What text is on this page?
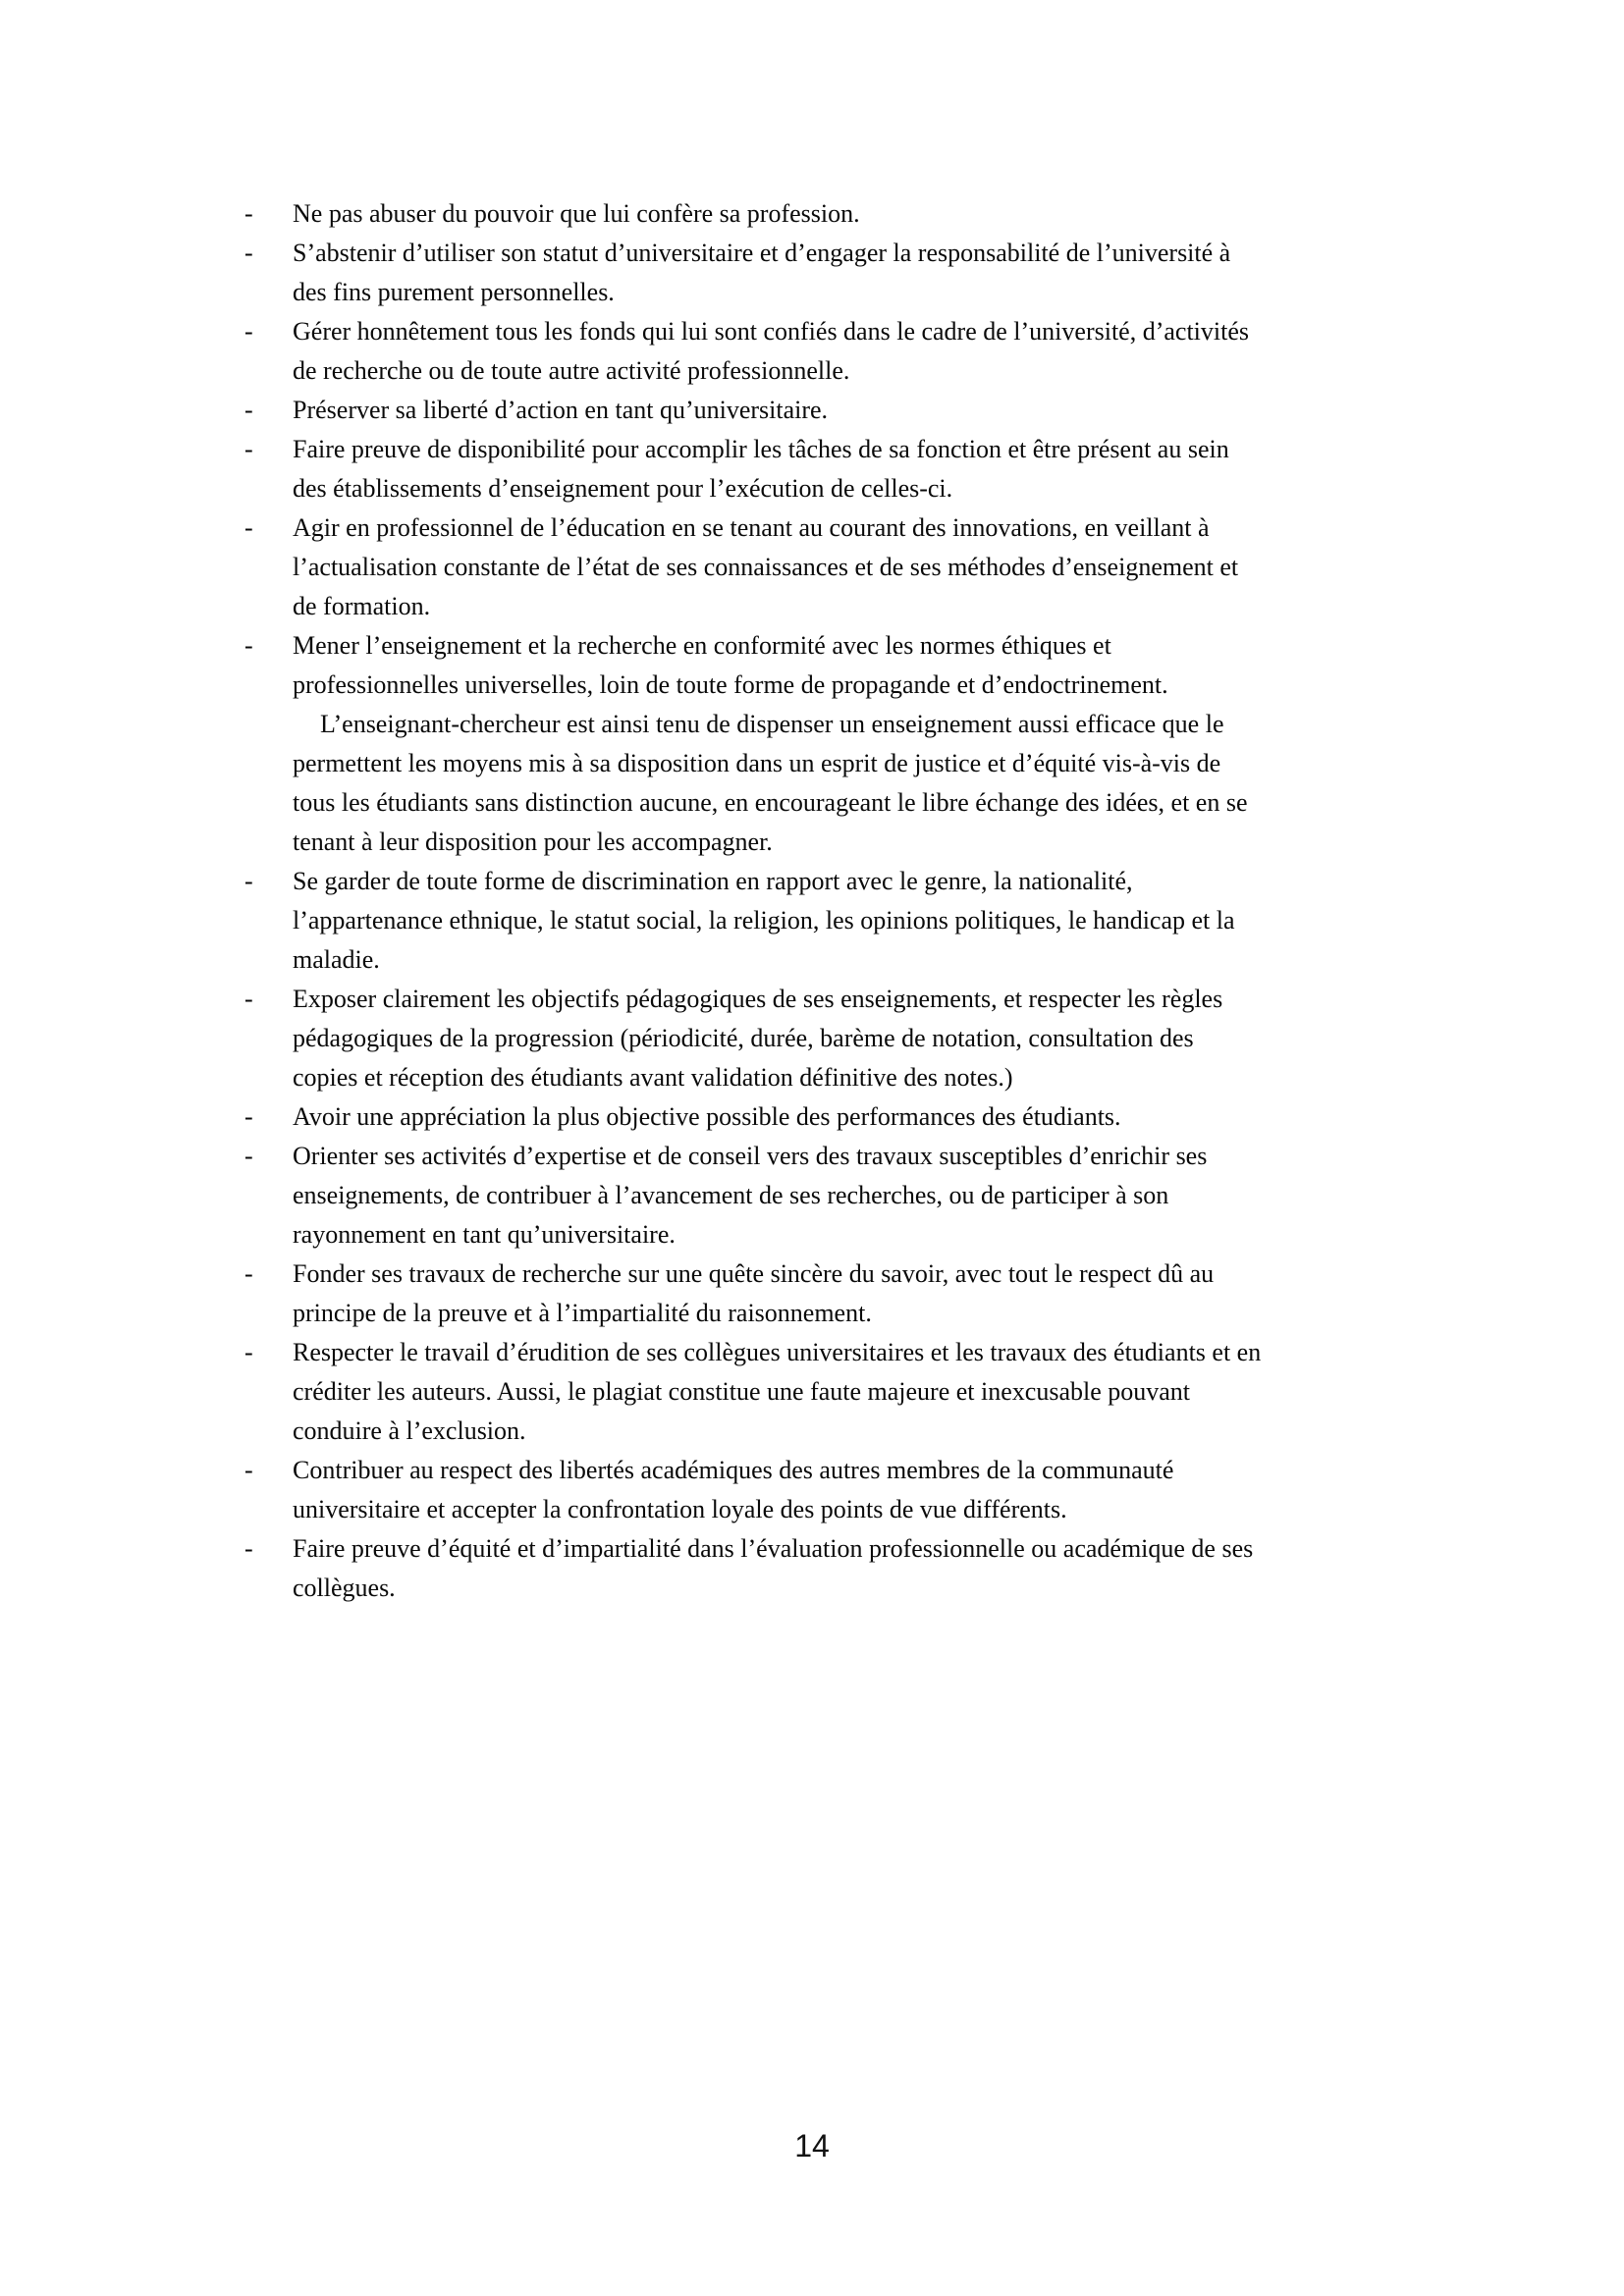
-	Ne pas abuser du pouvoir que lui confère sa profession.
-	S’abstenir d’utiliser son statut d’universitaire et d’engager la responsabilité de l’université à
des fins purement personnelles.
-	Gérer honnêtement tous les fonds qui lui sont confiés dans le cadre de l’université, d’activités
de recherche ou de toute autre activité professionnelle.
-	Préserver sa liberté d’action en tant qu’universitaire.
-	Faire preuve de disponibilité pour accomplir les tâches de sa fonction et être présent au sein
des établissements d’enseignement pour l’exécution de celles-ci.
-	Agir en professionnel de l’éducation en se tenant au courant des innovations, en veillant à
l’actualisation constante de l’état de ses connaissances et de ses méthodes d’enseignement et
de formation.
-	Mener l’enseignement et la recherche en conformité avec les normes éthiques et
professionnelles universelles, loin de toute forme de propagande et d’endoctrinement.
L’enseignant-chercheur est ainsi tenu de dispenser un enseignement aussi efficace que le
permettent les moyens mis à sa disposition dans un esprit de justice et d’équité vis-à-vis de
tous les étudiants sans distinction aucune, en encourageant le libre échange des idées, et en se
tenant à leur disposition pour les accompagner.
-	Se garder de toute forme de discrimination en rapport avec le genre, la nationalité,
l’appartenance ethnique, le statut social, la religion, les opinions politiques, le handicap et la
maladie.
-	Exposer clairement les objectifs pédagogiques de ses enseignements, et respecter les règles
pédagogiques de la progression (périodicité, durée, barème de notation, consultation des
copies et réception des étudiants avant validation définitive des notes.)
-	Avoir une appréciation la plus objective possible des performances des étudiants.
-	Orienter ses activités d’expertise et de conseil vers des travaux susceptibles d’enrichir ses
enseignements, de contribuer à l’avancement de ses recherches, ou de participer à son
rayonnement en tant qu’universitaire.
-	Fonder ses travaux de recherche sur une quête sincère du savoir, avec tout le respect dû au
principe de la preuve et à l’impartialité du raisonnement.
-	Respecter le travail d’érudition de ses collègues universitaires et les travaux des étudiants et en
créditer les auteurs. Aussi, le plagiat constitue une faute majeure et inexcusable pouvant
conduire à l’exclusion.
-	Contribuer au respect des libertés académiques des autres membres de la communauté
universitaire et accepter la confrontation loyale des points de vue différents.
-	Faire preuve d’équité et d’impartialité dans l’évaluation professionnelle ou académique de ses
collègues.
14
